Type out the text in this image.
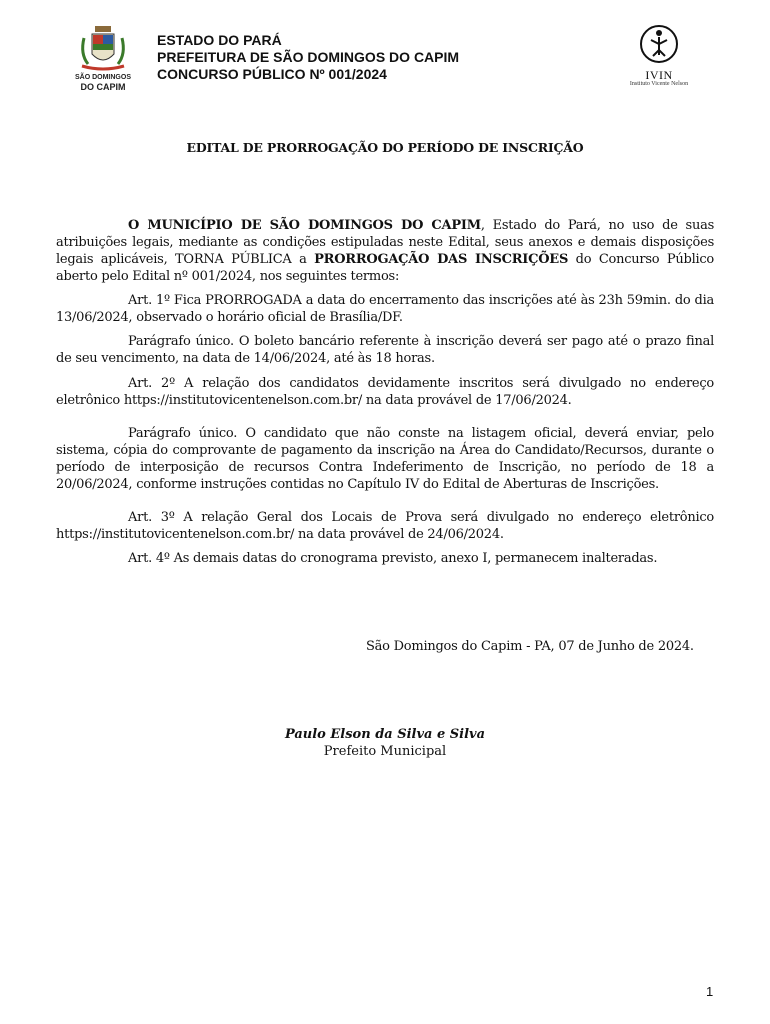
SÃO DOMINGOS
DO CAPIM
ESTADO DO PARÁ
PREFEITURA DE SÃO DOMINGOS DO CAPIM
CONCURSO PÚBLICO Nº 001/2024	IVIN
Instituto Vicente Nelson
EDITAL DE PRORROGAÇÃO DO PERÍODO DE INSCRIÇÃO

O MUNICÍPIO DE SÃO DOMINGOS DO CAPIM, Estado do Pará, no uso de suas atribuições legais, mediante as condições estipuladas neste Edital, seus anexos e demais disposições legais aplicáveis, TORNA PÚBLICA a PRORROGAÇÃO DAS INSCRIÇÕES do Concurso Público aberto pelo Edital nº 001/2024, nos seguintes termos:

Art. 1º Fica PRORROGADA a data do encerramento das inscrições até às 23h 59min. do dia 13/06/2024, observado o horário oficial de Brasília/DF.

Parágrafo único. O boleto bancário referente à inscrição deverá ser pago até o prazo final de seu vencimento, na data de 14/06/2024, até às 18 horas.

Art. 2º A relação dos candidatos devidamente inscritos será divulgado no endereço eletrônico https://institutovicentenelson.com.br/ na data provável de 17/06/2024.

Parágrafo único. O candidato que não conste na listagem oficial, deverá enviar, pelo sistema, cópia do comprovante de pagamento da inscrição na Área do Candidato/Recursos, durante o período de interposição de recursos Contra Indeferimento de Inscrição, no período de 18 a 20/06/2024, conforme instruções contidas no Capítulo IV do Edital de Aberturas de Inscrições.

Art. 3º A relação Geral dos Locais de Prova será divulgado no endereço eletrônico https://institutovicentenelson.com.br/ na data provável de 24/06/2024.

Art. 4º As demais datas do cronograma previsto, anexo I, permanecem inalteradas.

São Domingos do Capim - PA, 07 de Junho de 2024.
Paulo Elson da Silva e Silva
Prefeito Municipal
1
